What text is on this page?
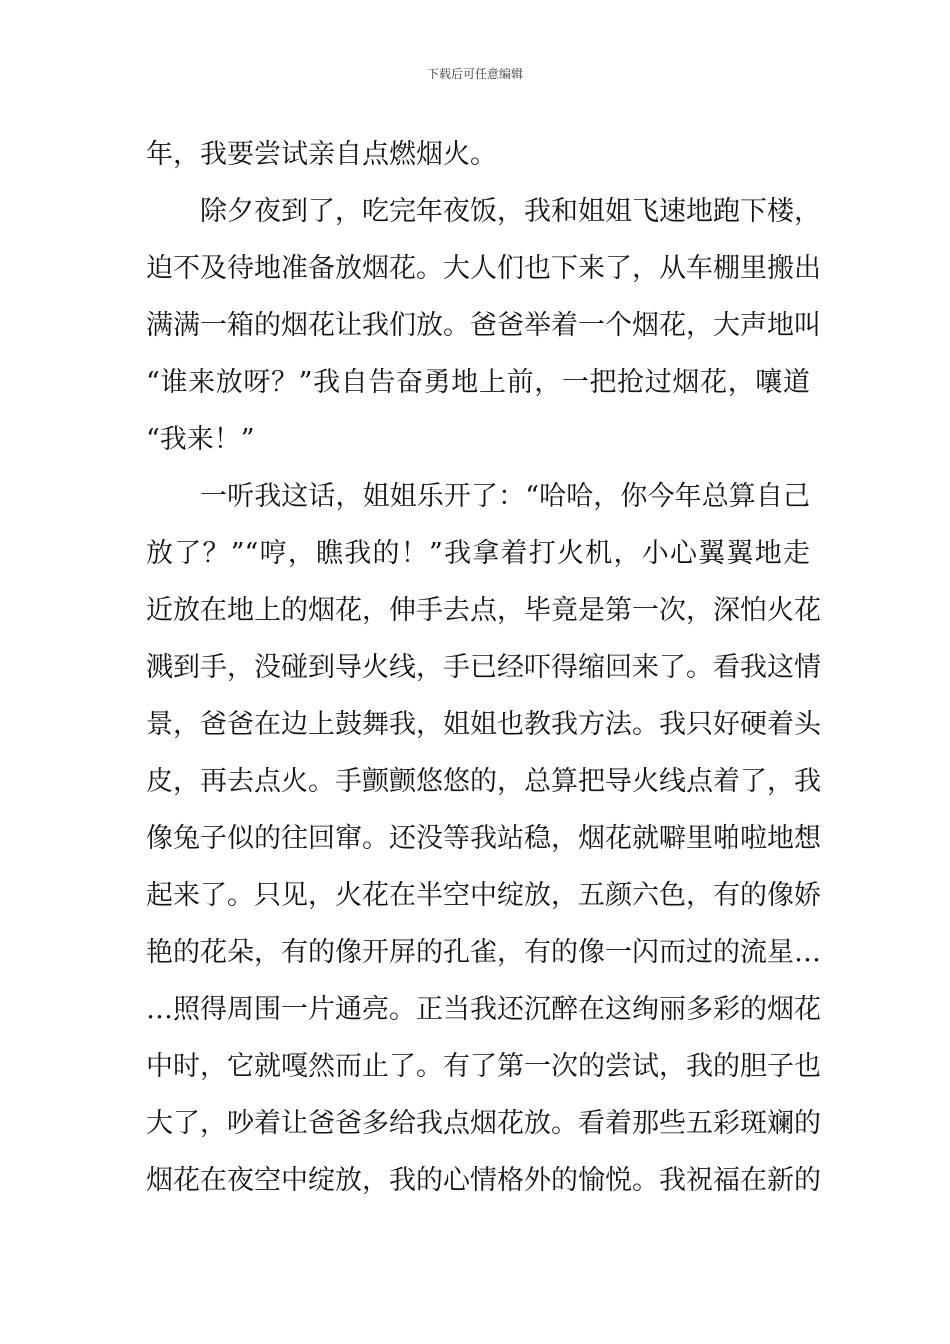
下载后可任意编辑
年，我要尝试亲自点燃烟火。
除夕夜到了，吃完年夜饭，我和姐姐飞速地跑下楼，
迫不及待地准备放烟花。大人们也下来了，从车棚里搬出
满满一箱的烟花让我们放。爸爸举着一个烟花，大声地叫
“谁来放呀？”我自告奋勇地上前，一把抢过烟花，嚷道
“我来！”
一听我这话，姐姐乐开了：“哈哈，你今年总算自己
放了？”“哼，瞧我的！”我拿着打火机，小心翼翼地走
近放在地上的烟花，伸手去点，毕竟是第一次，深怕火花
溅到手，没碰到导火线，手已经吓得缩回来了。看我这情
景，爸爸在边上鼓舞我，姐姐也教我方法。我只好硬着头
皮，再去点火。手颤颤悠悠的，总算把导火线点着了，我
像兔子似的往回窜。还没等我站稳，烟花就噼里啪啦地想
起来了。只见，火花在半空中绽放，五颜六色，有的像娇
艳的花朵，有的像开屏的孔雀，有的像一闪而过的流星…
…照得周围一片通亮。正当我还沉醉在这绚丽多彩的烟花
中时，它就嘎然而止了。有了第一次的尝试，我的胆子也
大了，吵着让爸爸多给我点烟花放。看着那些五彩斑斓的
烟花在夜空中绽放，我的心情格外的愉悦。我祝福在新的
